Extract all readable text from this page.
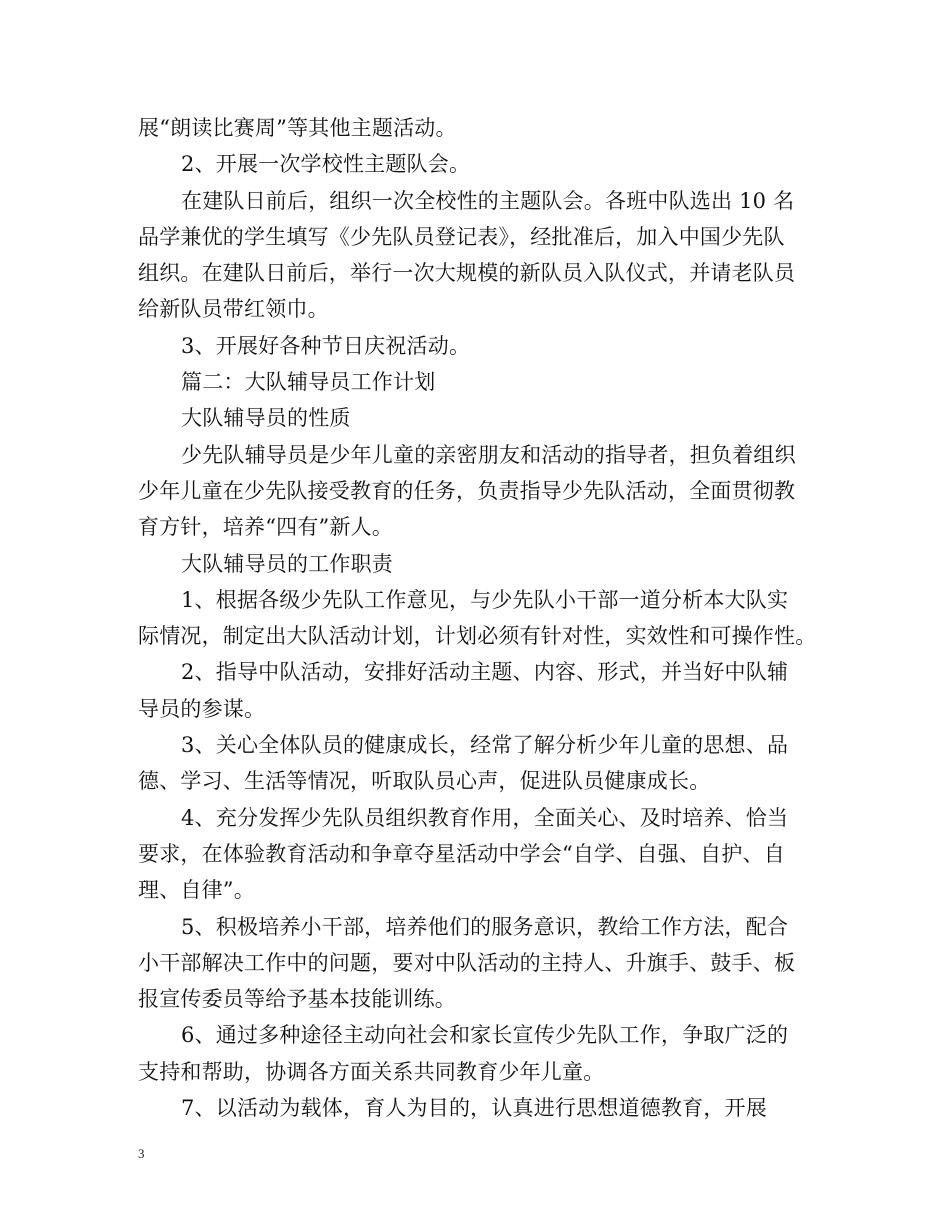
展“朗读比赛周”等其他主题活动。
2、开展一次学校性主题队会。
在建队日前后，组织一次全校性的主题队会。各班中队选出 10 名
品学兼优的学生填写《少先队员登记表》，经批准后，加入中国少先队
组织。在建队日前后，举行一次大规模的新队员入队仪式，并请老队员
给新队员带红领巾。
3、开展好各种节日庆祝活动。
篇二：大队辅导员工作计划
大队辅导员的性质
少先队辅导员是少年儿童的亲密朋友和活动的指导者，担负着组织
少年儿童在少先队接受教育的任务，负责指导少先队活动，全面贯彻教
育方针，培养“四有”新人。
大队辅导员的工作职责
1、根据各级少先队工作意见，与少先队小干部一道分析本大队实
际情况，制定出大队活动计划，计划必须有针对性，实效性和可操作性。
2、指导中队活动，安排好活动主题、内容、形式，并当好中队辅
导员的参谋。
3、关心全体队员的健康成长，经常了解分析少年儿童的思想、品
德、学习、生活等情况，听取队员心声，促进队员健康成长。
4、充分发挥少先队员组织教育作用，全面关心、及时培养、恰当
要求，在体验教育活动和争章夺星活动中学会“自学、自强、自护、自
理、自律”。
5、积极培养小干部，培养他们的服务意识，教给工作方法，配合
小干部解决工作中的问题，要对中队活动的主持人、升旗手、鼓手、板
报宣传委员等给予基本技能训练。
6、通过多种途径主动向社会和家长宣传少先队工作，争取广泛的
支持和帮助，协调各方面关系共同教育少年儿童。
7、以活动为载体，育人为目的，认真进行思想道德教育，开展
3
